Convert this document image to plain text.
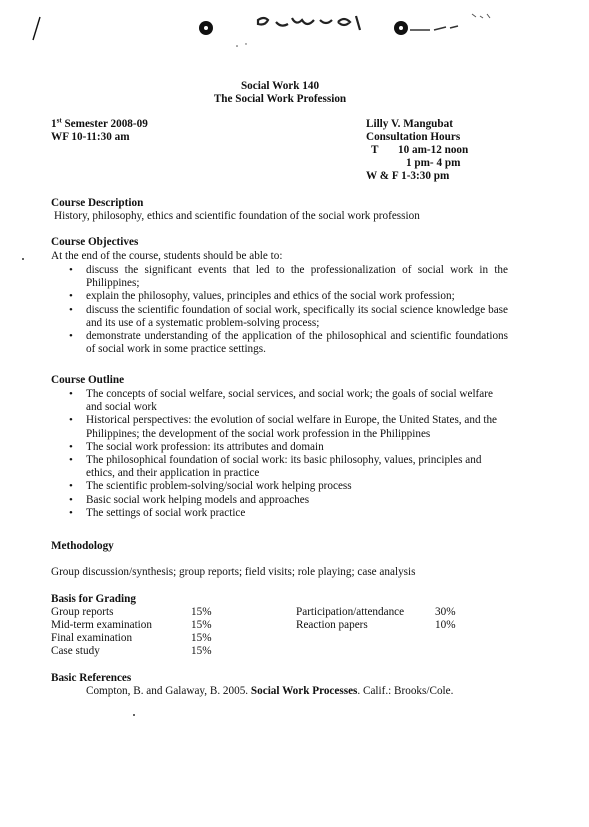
Social Work 140
The Social Work Profession
1st Semester 2008-09
WF 10-11:30 am
Lilly V. Mangubat
Consultation Hours
T 10 am-12 noon
1 pm- 4 pm
W & F 1-3:30 pm
Course Description
History, philosophy, ethics and scientific foundation of the social work profession
Course Objectives
At the end of the course, students should be able to:
• discuss the significant events that led to the professionalization of social work in the Philippines;
• explain the philosophy, values, principles and ethics of the social work profession;
• discuss the scientific foundation of social work, specifically its social science knowledge base and its use of a systematic problem-solving process;
• demonstrate understanding of the application of the philosophical and scientific foundations of social work in some practice settings.
Course Outline
• The concepts of social welfare, social services, and social work; the goals of social welfare and social work
• Historical perspectives: the evolution of social welfare in Europe, the United States, and the Philippines; the development of the social work profession in the Philippines
• The social work profession: its attributes and domain
• The philosophical foundation of social work: its basic philosophy, values, principles and ethics, and their application in practice
• The scientific problem-solving/social work helping process
• Basic social work helping models and approaches
• The settings of social work practice
Methodology
Group discussion/synthesis; group reports; field visits; role playing; case analysis
Basis for Grading
Group reports	15%
Mid-term examination	15%
Final examination	15%
Case study	15%
Participation/attendance	30%
Reaction papers	10%
Basic References
Compton, B. and Galaway, B. 2005. Social Work Processes. Calif.: Brooks/Cole.
